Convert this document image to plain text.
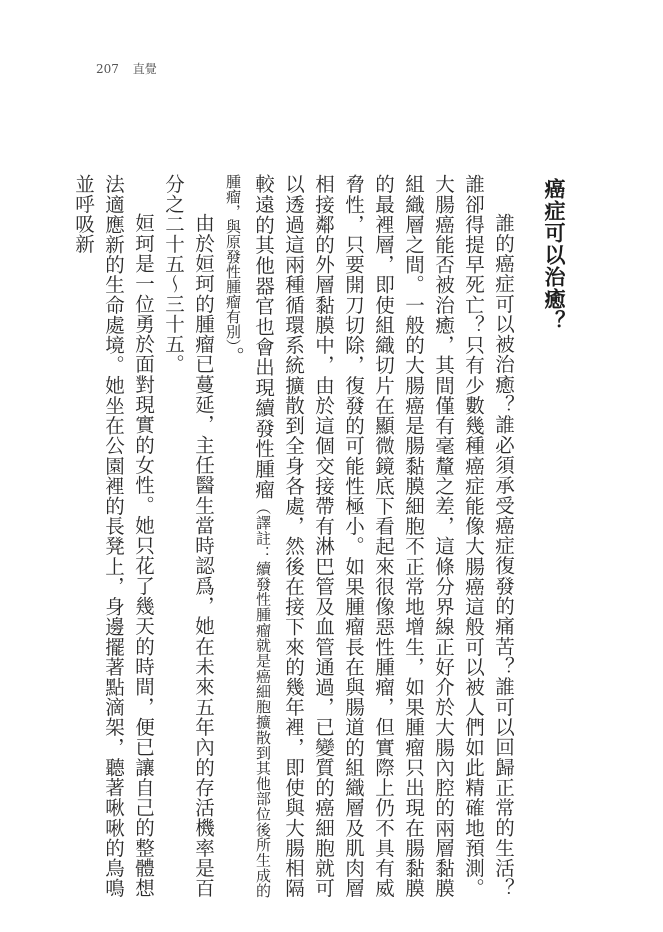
207 直覺
癌症可以治癒？

誰的癌症可以被治癒？誰必須承受癌症復發的痛苦？誰可以回歸正常的生活？誰卻得提早死亡？只有少數幾種癌症能像大腸癌這般可以被人們如此精確地預測。大腸癌能否被治癒，其間僅有毫釐之差，這條分界線正好介於大腸內腔的兩層黏膜組織層之間。一般的大腸癌是腸黏膜細胞不正常地增生，如果腫瘤只出現在腸黏膜的最裡層，即使組織切片在顯微鏡底下看起來很像惡性腫瘤，但實際上仍不具有威脅性，只要開刀切除，復發的可能性極小。如果腫瘤長在與腸道的組織層及肌肉層相接鄰的外層黏膜中，由於這個交接帶有淋巴管及血管通過，已變質的癌細胞就可以透過這兩種循環系統擴散到全身各處，然後在接下來的幾年裡，即使與大腸相隔較遠的其他器官也會出現續發性腫瘤（譯註：續發性腫瘤就是癌細胞擴散到其他部位後所生成的腫瘤，與原發性腫瘤有別）。

由於姮珂的腫瘤已蔓延，主任醫生當時認爲，她在未來五年內的存活機率是百分之二十五～三十五。

姮珂是一位勇於面對現實的女性。她只花了幾天的時間，便已讓自己的整體想法適應新的生命處境。她坐在公園裡的長凳上，身邊擺著點滴架，聽著啾啾的鳥鳴並呼吸新
